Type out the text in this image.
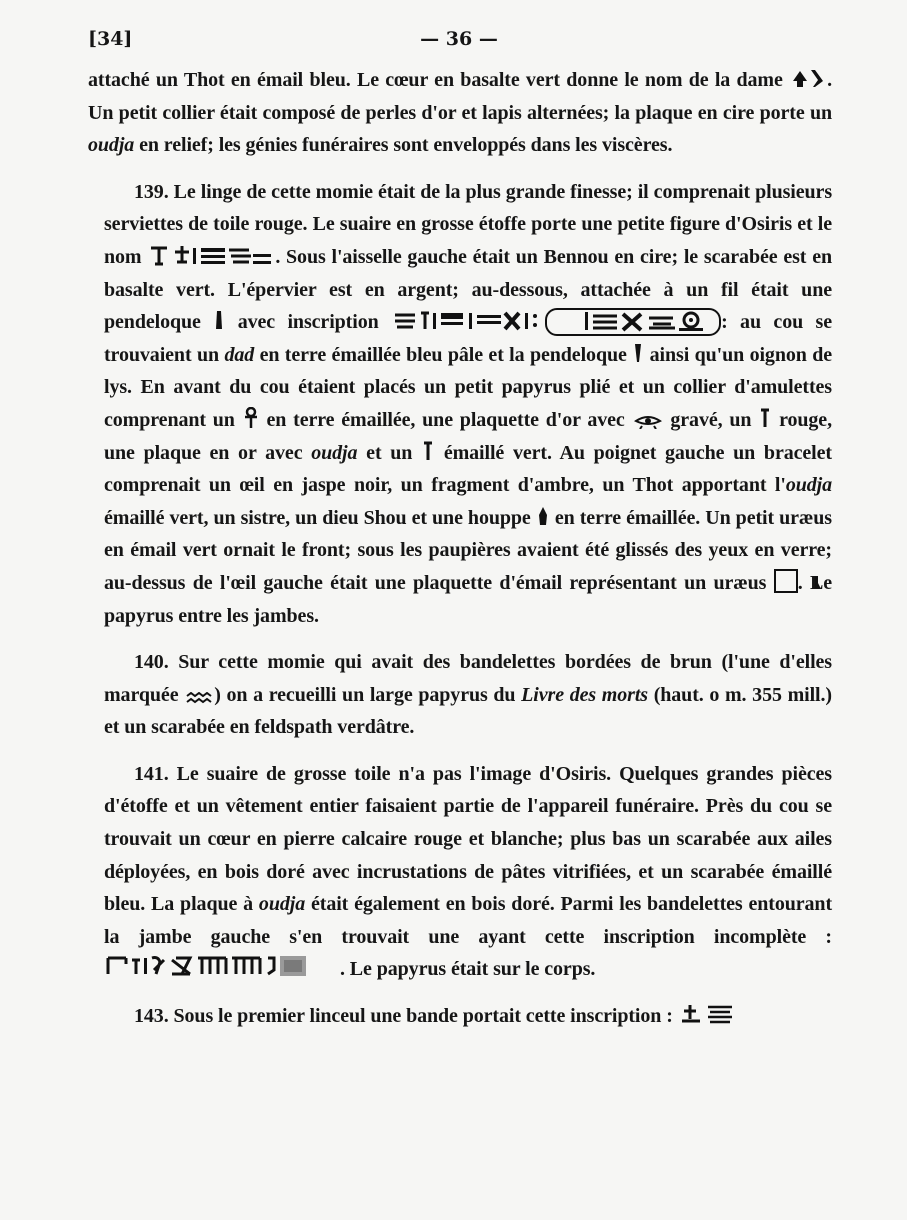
[34]	— 36 —

attaché un Thot en émail bleu. Le cœur en basalte vert donne le nom de la dame . Un petit collier était composé de perles d'or et lapis alternées; la plaque en cire porte un oudja en relief; les génies funéraires sont enveloppés dans les viscères.

139. Le linge de cette momie était de la plus grande finesse; il comprenait plusieurs serviettes de toile rouge. Le suaire en grosse étoffe porte une petite figure d'Osiris et le nom	. Sous l'aisselle gauche était un Bennou en cire; le scarabée est en basalte vert. L'épervier est en argent; au-dessous, attachée à un fil était une pendeloque avec inscription	: au cou se trouvaient un dad en terre émaillée bleu pâle et la pendeloque ainsi qu'un oignon de lys. En avant du cou étaient placés un petit papyrus plié et un collier d'amulettes comprenant un en terre émaillée, une plaquette d'or avec gravé, un rouge, une plaque en or avec oudja et un émaillé vert. Au poignet gauche un bracelet comprenait un œil en jaspe noir, un fragment d'ambre, un Thot apportant l'oudja émaillé vert, un sistre, un dieu Shou et une houppe en terre émaillée. Un petit uræus en émail vert ornait le front; sous les paupières avaient été glissés des yeux en verre; au-dessus de l'œil gauche était une plaquette d'émail représentant un uræus . Le papyrus entre les jambes.

140. Sur cette momie qui avait des bandelettes bordées de brun (l'une d'elles marquée ) on a recueilli un large papyrus du Livre des morts (haut. o m. 355 mill.) et un scarabée en feldspath verdâtre.

141. Le suaire de grosse toile n'a pas l'image d'Osiris. Quelques grandes pièces d'étoffe et un vêtement entier faisaient partie de l'appareil funéraire. Près du cou se trouvait un cœur en pierre calcaire rouge et blanche; plus bas un scarabée aux ailes déployées, en bois doré avec incrustations de pâtes vitrifiées, et un scarabée émaillé bleu. La plaque à oudja était également en bois doré. Parmi les bandelettes entourant la jambe gauche s'en trouvait une ayant cette inscription incomplète :
. Le papyrus était sur le corps.

143. Sous le premier linceul une bande portait cette inscription :
